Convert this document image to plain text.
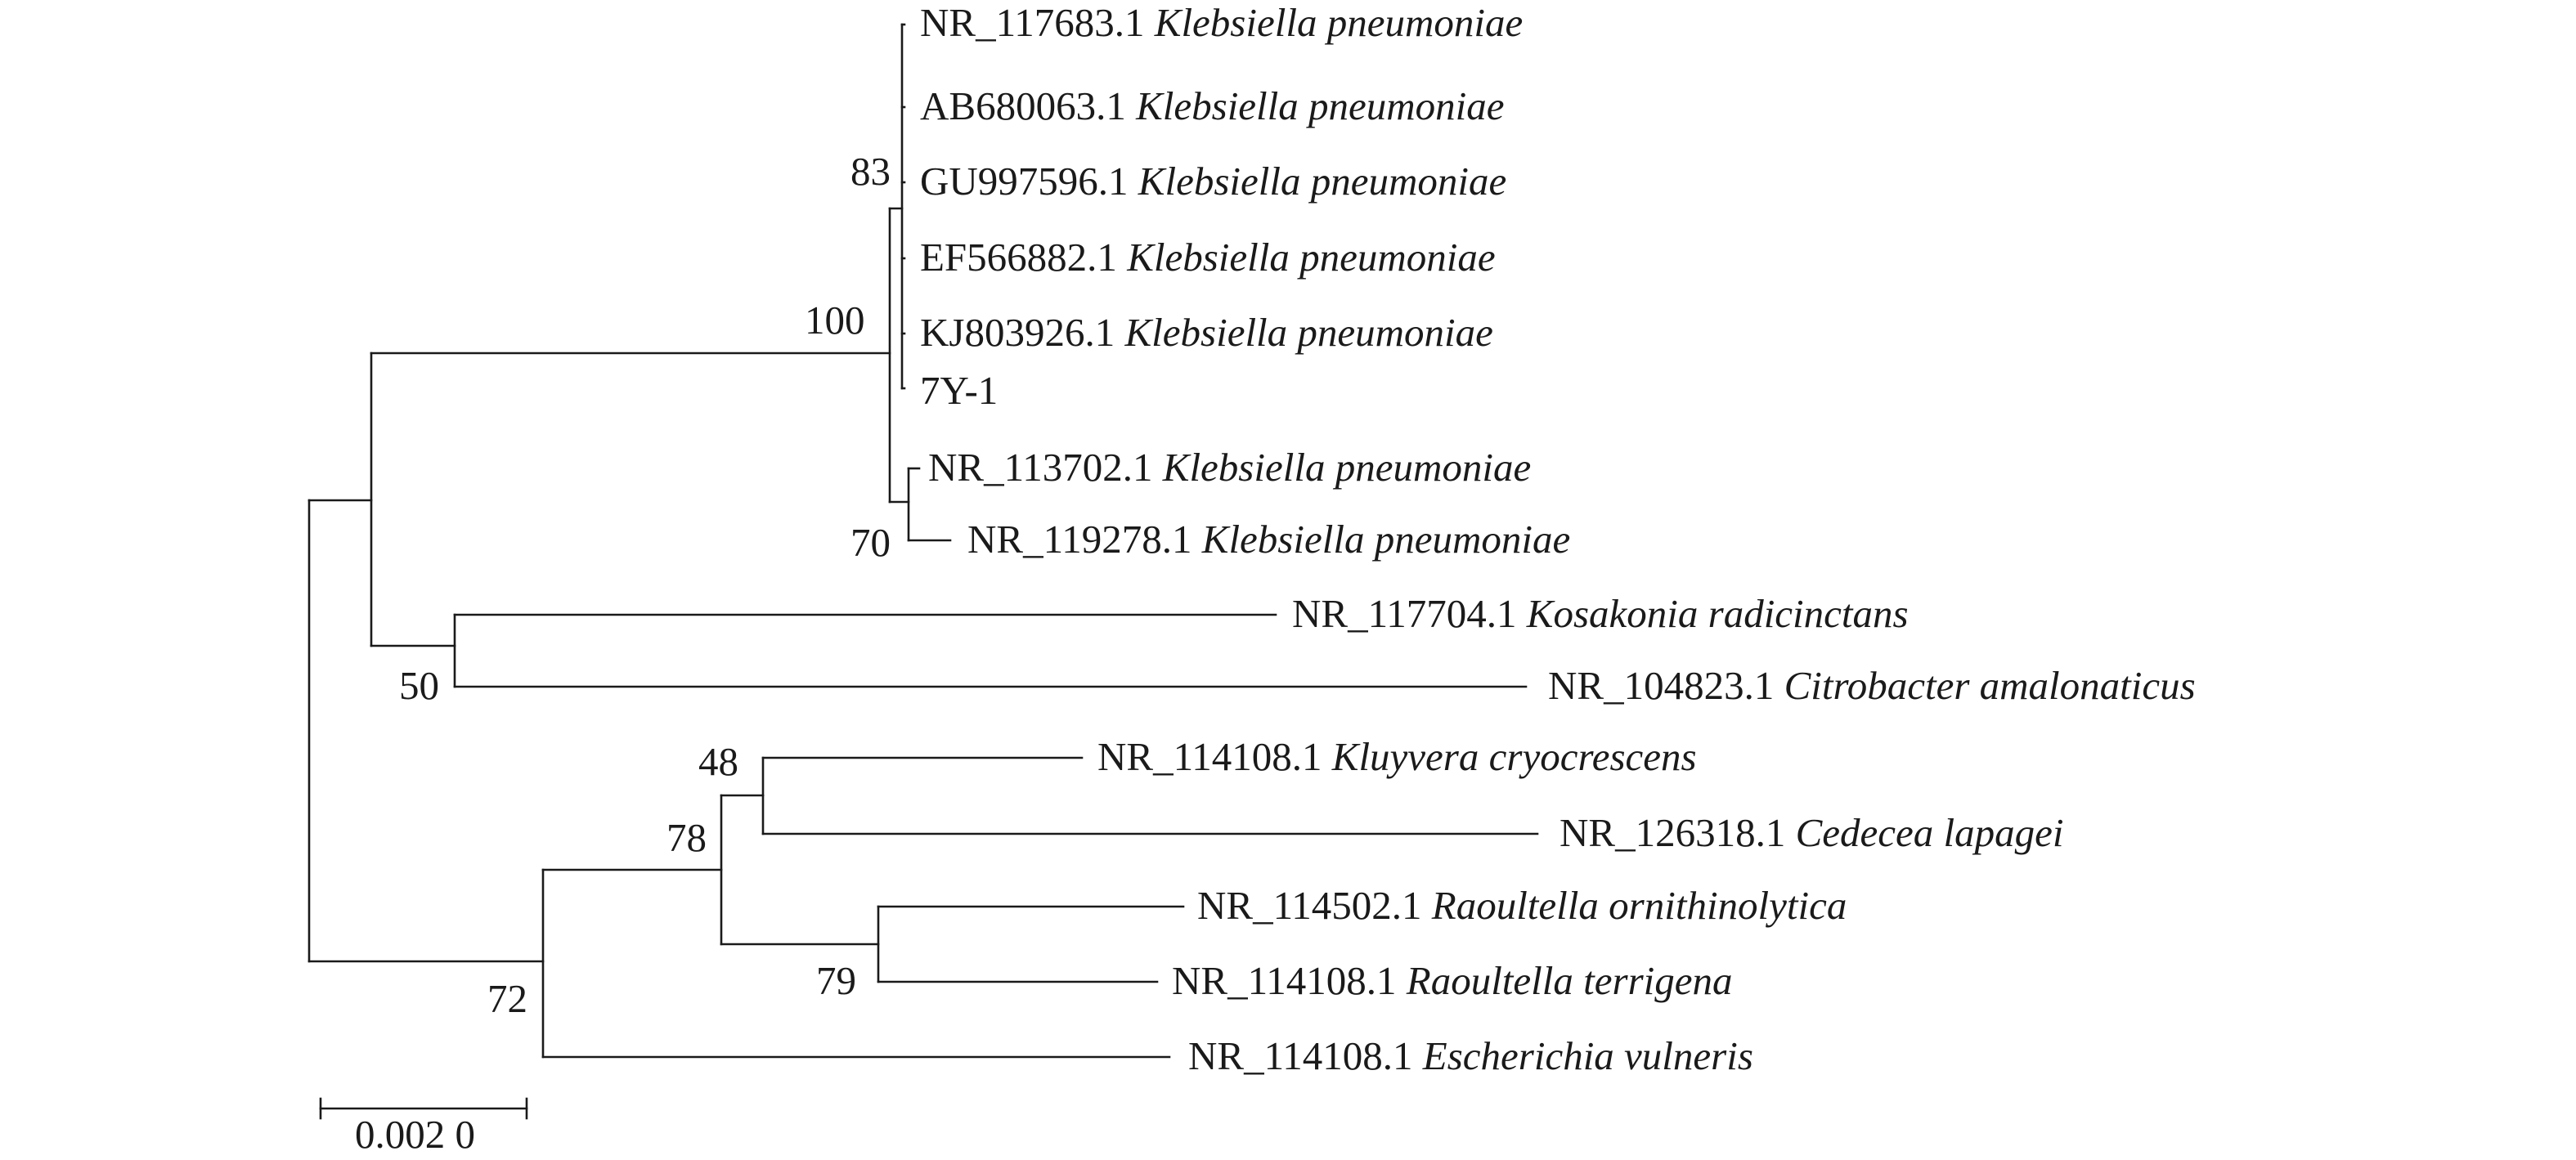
NR_117683.1 Klebsiella pneumoniae
AB680063.1 Klebsiella pneumoniae
GU997596.1 Klebsiella pneumoniae
EF566882.1 Klebsiella pneumoniae
KJ803926.1 Klebsiella pneumoniae
7Y-1
NR_113702.1 Klebsiella pneumoniae
NR_119278.1 Klebsiella pneumoniae
NR_117704.1 Kosakonia radicinctans
NR_104823.1 Citrobacter amalonaticus
NR_114108.1 Kluyvera cryocrescens
NR_126318.1 Cedecea lapagei
NR_114502.1 Raoultella ornithinolytica
NR_114108.1 Raoultella terrigena
NR_114108.1 Escherichia vulneris
83
100
70
50
48
78
79
72
0.002 0
